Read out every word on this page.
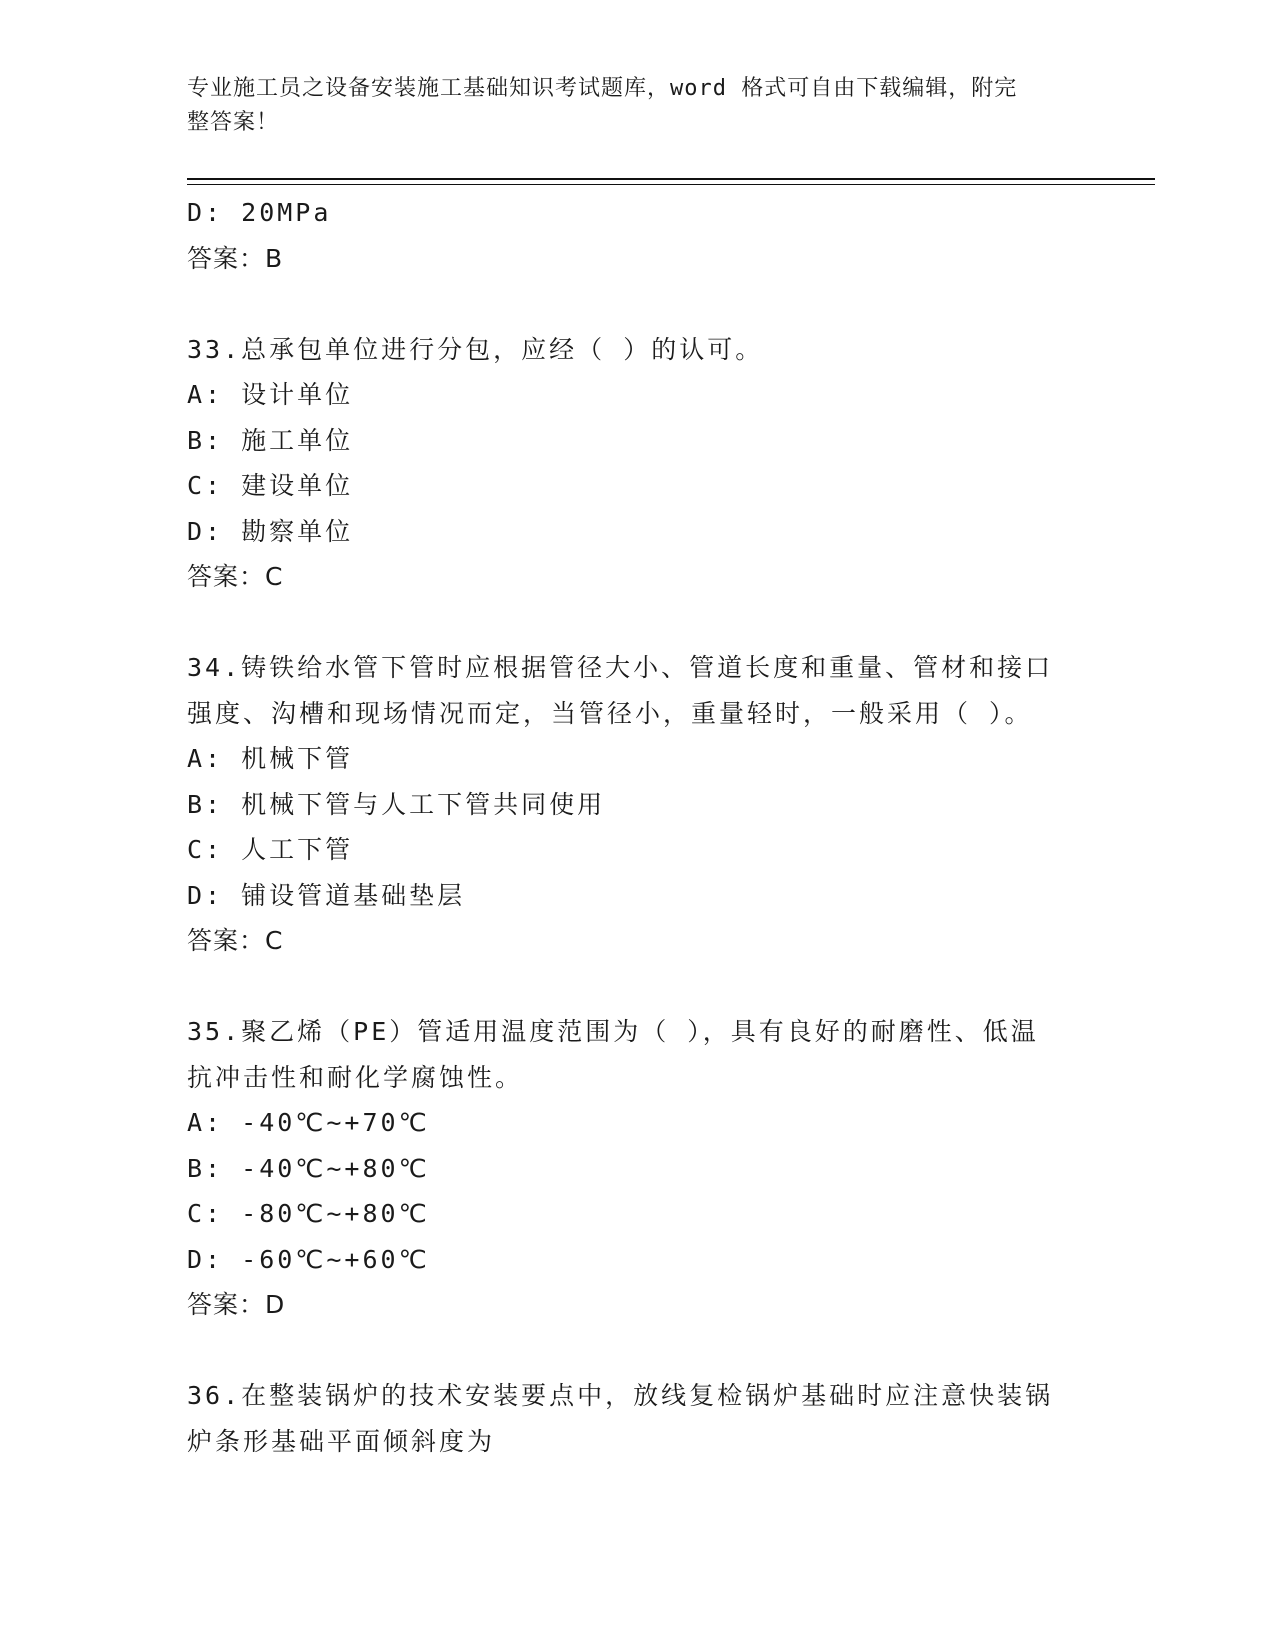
专业施工员之设备安装施工基础知识考试题库，word 格式可自由下载编辑，附完
整答案！
D: 20MPa
答案：B
33.总承包单位进行分包，应经（ ）的认可。
A: 设计单位
B: 施工单位
C: 建设单位
D: 勘察单位
答案：C
34.铸铁给水管下管时应根据管径大小、管道长度和重量、管材和接口
强度、沟槽和现场情况而定，当管径小，重量轻时，一般采用（ ）。
A: 机械下管
B: 机械下管与人工下管共同使用
C: 人工下管
D: 铺设管道基础垫层
答案：C
35.聚乙烯（PE）管适用温度范围为（ ），具有良好的耐磨性、低温
抗冲击性和耐化学腐蚀性。
A: -40℃~+70℃
B: -40℃~+80℃
C: -80℃~+80℃
D: -60℃~+60℃
答案：D
36.在整装锅炉的技术安装要点中，放线复检锅炉基础时应注意快装锅
炉条形基础平面倾斜度为
